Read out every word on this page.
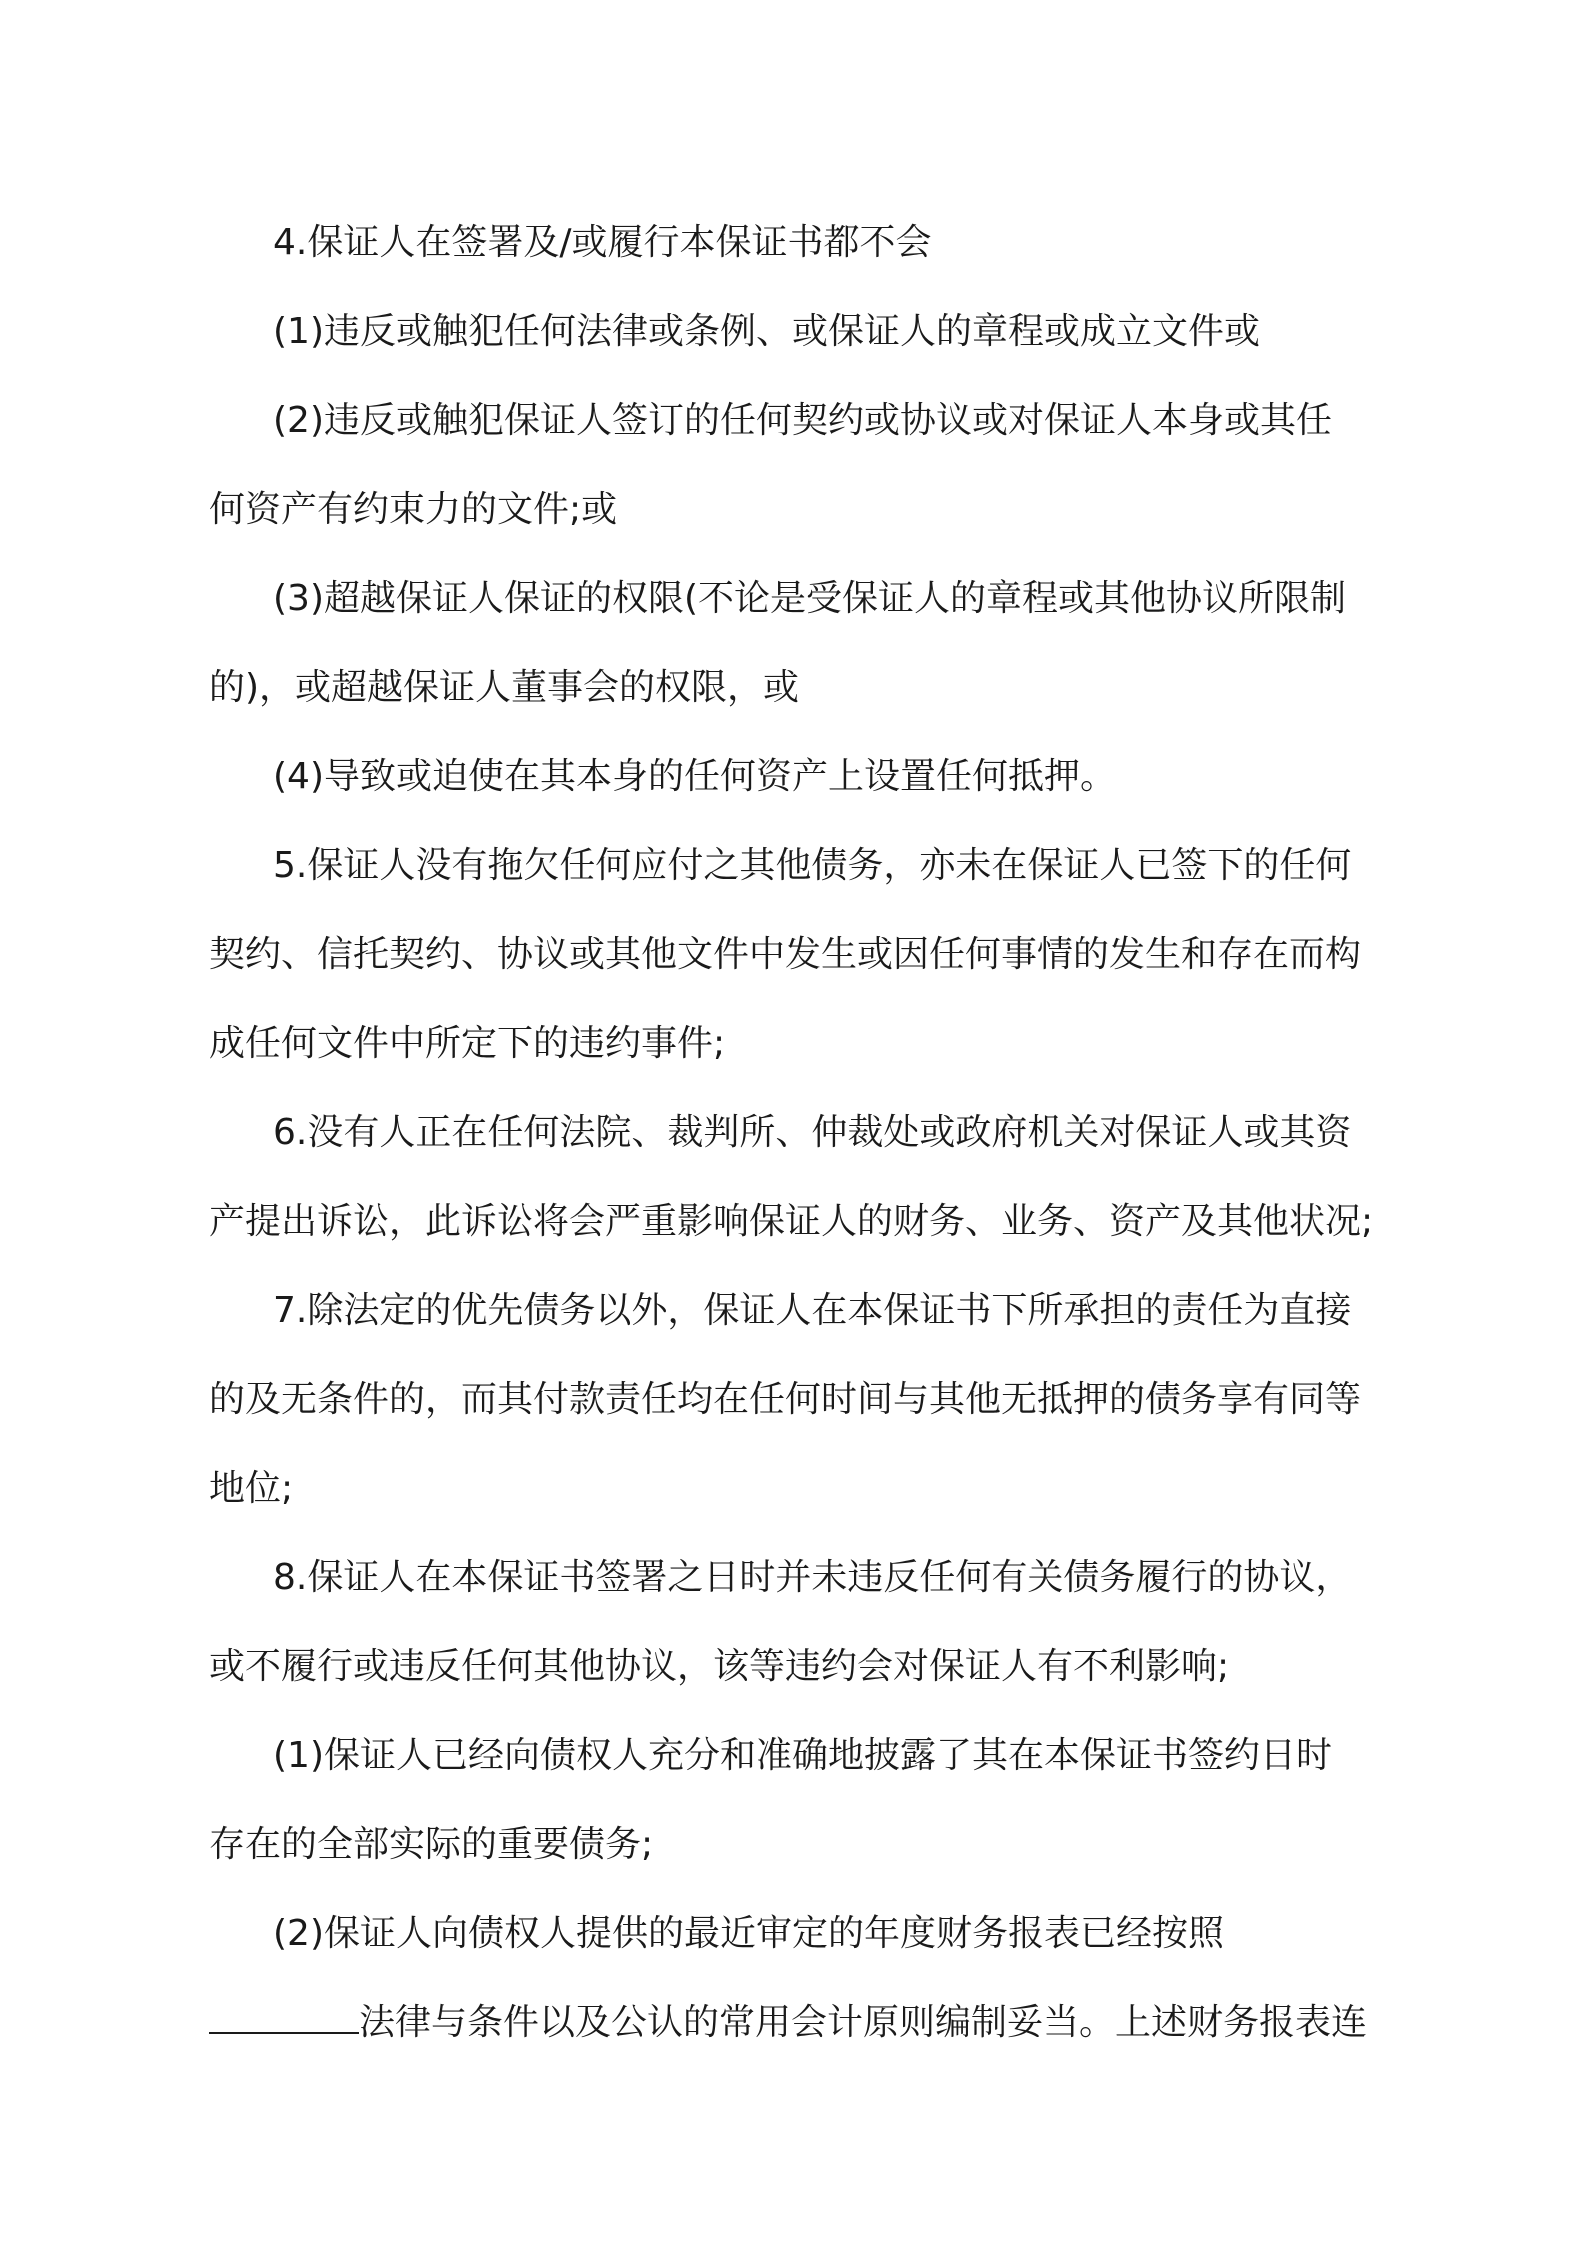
4.保证人在签署及/或履行本保证书都不会

(1)违反或触犯任何法律或条例、或保证人的章程或成立文件或

(2)违反或触犯保证人签订的任何契约或协议或对保证人本身或其任
何资产有约束力的文件;或

(3)超越保证人保证的权限(不论是受保证人的章程或其他协议所限制
的)，或超越保证人董事会的权限，或

(4)导致或迫使在其本身的任何资产上设置任何抵押。

5.保证人没有拖欠任何应付之其他债务，亦未在保证人已签下的任何
契约、信托契约、协议或其他文件中发生或因任何事情的发生和存在而构
成任何文件中所定下的违约事件;

6.没有人正在任何法院、裁判所、仲裁处或政府机关对保证人或其资
产提出诉讼，此诉讼将会严重影响保证人的财务、业务、资产及其他状况;

7.除法定的优先债务以外，保证人在本保证书下所承担的责任为直接
的及无条件的，而其付款责任均在任何时间与其他无抵押的债务享有同等
地位;

8.保证人在本保证书签署之日时并未违反任何有关债务履行的协议，
或不履行或违反任何其他协议，该等违约会对保证人有不利影响;

(1)保证人已经向债权人充分和准确地披露了其在本保证书签约日时
存在的全部实际的重要债务;

(2)保证人向债权人提供的最近审定的年度财务报表已经按照
法律与条件以及公认的常用会计原则编制妥当。上述财务报表连
